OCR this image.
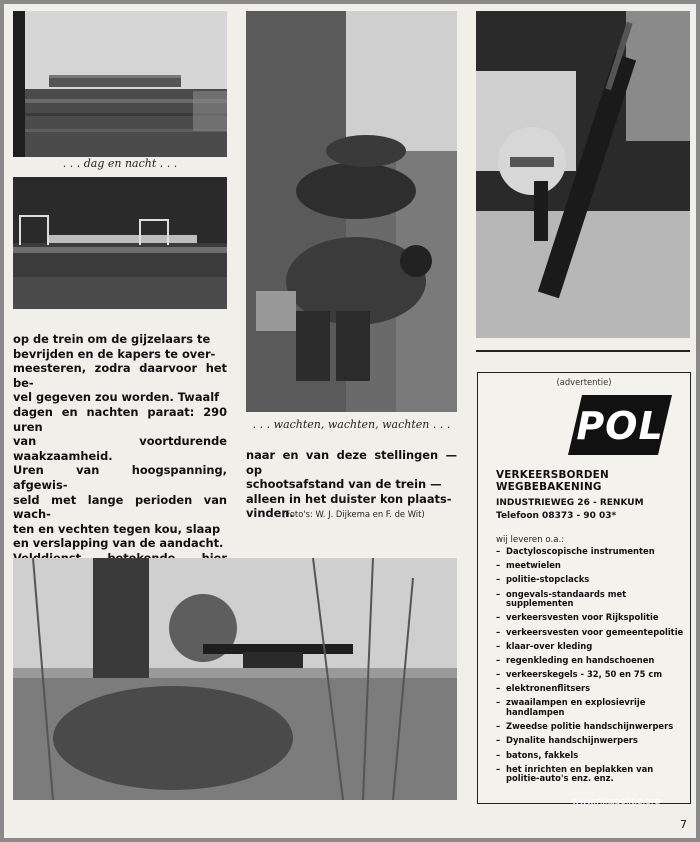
. . . dag en nacht . . .
. . . wachten, wachten, wachten . . .
op de trein om de gijzelaars te
bevrijden en de kapers te over-
meesteren, zodra daarvoor het be-
vel gegeven zou worden. Twaalf
dagen en nachten paraat: 290 uren
van voortdurende waakzaamheid.
Uren van hoogspanning, afgewis-
seld met lange perioden van wach-
ten en vechten tegen kou, slaap
en verslapping van de aandacht.
naar en van deze stellingen — op
schootsafstand van de trein —
alleen in het duister kon plaats-
vinden.
(Foto's: W. J. Dijkema en F. de Wit)
(advertentie)
POL
VERKEERSBORDEN
WEGBEBAKENING
INDUSTRIEWEG 26 - RENKUM
Telefoon 08373 - 90 03*
wij leveren o.a.:
– Dactyloscopische instrumenten
– meetwielen
– politie-stopclacks
– ongevals-standaards met supplementen
– verkeersvesten voor Rijkspolitie
– verkeersvesten voor gemeentepolitie
– klaar-over kleding
– regenkleding en handschoenen
– verkeerskegels - 32, 50 en 75 cm
– elektronenflitsers
– zwaailampen en explosievrije handlampen
– Zweedse politie handschijnwerpers
– Dynalite handschijnwerpers
– batons, fakkels
– het inrichten en beplakken van politie-auto's enz. enz.
www.rijkspolitie.org
7
